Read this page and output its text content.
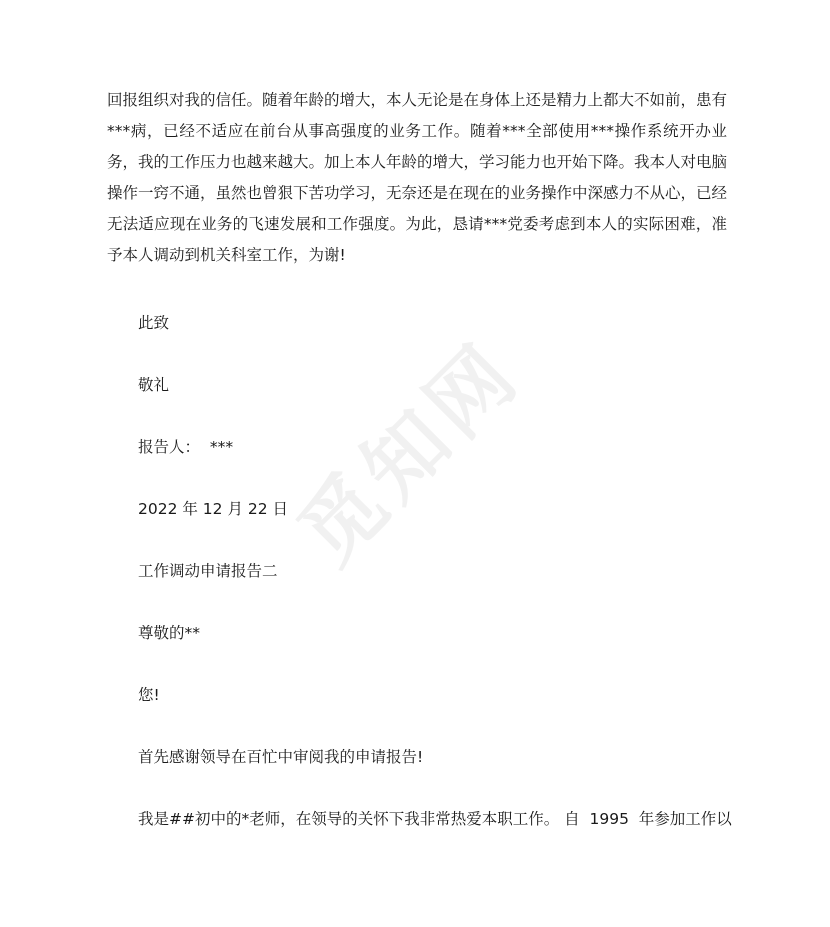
觅知网

回报组织对我的信任。随着年龄的增大，本人无论是在身体上还是精力上都大不如前，患有***病，已经不适应在前台从事高强度的业务工作。随着***全部使用***操作系统开办业务，我的工作压力也越来越大。加上本人年龄的增大，学习能力也开始下降。我本人对电脑操作一窍不通，虽然也曾狠下苦功学习，无奈还是在现在的业务操作中深感力不从心，已经无法适应现在业务的飞速发展和工作强度。为此，恳请***党委考虑到本人的实际困难，准予本人调动到机关科室工作，为谢!

此致

敬礼

报告人：  ***

2022 年 12 月 22 日

工作调动申请报告二

尊敬的**

您!

首先感谢领导在百忙中审阅我的申请报告!

我是##初中的*老师，在领导的关怀下我非常热爱本职工作。 自  1995  年参加工作以
